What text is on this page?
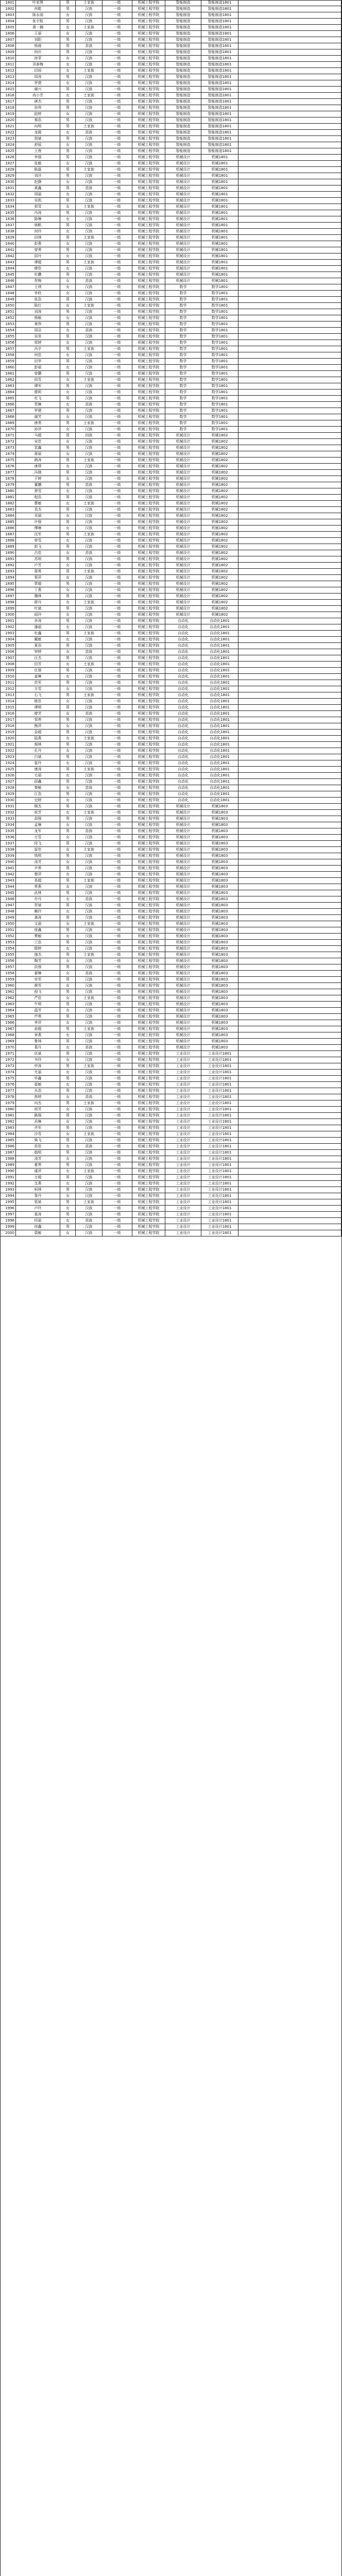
1801	叶家琪	男	土家族	一级	机械工程学院	智能制造	智能制造1801
1802	何乾	男	汉族	一级	机械工程学院	智能制造	智能制造1801
1803	陈永丽	女	汉族	一级	机械工程学院	智能制造	智能制造1801
1804	张宇航	男	汉族	一级	机械工程学院	智能制造	智能制造1801
1805	黄一楠	女	土家族	一级	机械工程学院	智能制造	智能制造1801
1806	王丽	女	汉族	一级	机械工程学院	智能制造	智能制造1801
1807	刘阳	男	汉族	一级	机械工程学院	智能制造	智能制造1801
1808	杨晨	男	苗族	一级	机械工程学院	智能制造	智能制造1801
1809	何庆	男	汉族	一级	机械工程学院	智能制造	智能制造1801
1810	徐菲	女	汉族	一级	机械工程学院	智能制造	智能制造1801
1811	邓春梅	女	汉族	一级	机械工程学院	智能制造	智能制造1801
1812	田雨	女	土家族	一级	机械工程学院	智能制造	智能制造1801
1813	周涛	男	汉族	一级	机械工程学院	智能制造	智能制造1801
1814	罗倩	女	汉族	一级	机械工程学院	智能制造	智能制造1801
1815	谢兴	男	汉族	一级	机械工程学院	智能制造	智能制造1801
1816	冉小芳	女	土家族	一级	机械工程学院	智能制造	智能制造1801
1817	唐杰	男	汉族	一级	机械工程学院	智能制造	智能制造1801
1818	孙伟	男	汉族	一级	机械工程学院	智能制造	智能制造1801
1819	陆婷	女	汉族	一级	机械工程学院	智能制造	智能制造1801
1820	秦浩	男	汉族	一级	机械工程学院	智能制造	智能制造1801
1821	向明	男	土家族	一级	机械工程学院	智能制造	智能制造1801
1822	龙霞	女	苗族	一级	机械工程学院	智能制造	智能制造1801
1823	胡斌	男	汉族	一级	机械工程学院	智能制造	智能制造1801
1824	舒瑶	女	汉族	一级	机械工程学院	智能制造	智能制造1801
1825	王俊	男	汉族	一级	机械工程学院	智能制造	智能制造1801
1826	李强	男	汉族	一级	机械工程学院	机械设计	机械1801
1827	张敏	女	汉族	一级	机械工程学院	机械设计	机械1801
1828	陈磊	男	土家族	一级	机械工程学院	机械设计	机械1801
1829	刘洋	男	汉族	一级	机械工程学院	机械设计	机械1801
1830	赵静	女	汉族	一级	机械工程学院	机械设计	机械1801
1831	黄鑫	男	苗族	一级	机械工程学院	机械设计	机械1801
1832	周丽	女	汉族	一级	机械工程学院	机械设计	机械1801
1833	吴凯	男	汉族	一级	机械工程学院	机械设计	机械1801
1834	郑雪	女	土家族	一级	机械工程学院	机械设计	机械1801
1835	冯涛	男	汉族	一级	机械工程学院	机械设计	机械1801
1836	陈琳	女	汉族	一级	机械工程学院	机械设计	机械1801
1837	杨帆	男	汉族	一级	机械工程学院	机械设计	机械1801
1838	何玲	女	汉族	一级	机械工程学院	机械设计	机械1801
1839	田林	男	土家族	一级	机械工程学院	机械设计	机械1801
1840	彭燕	女	汉族	一级	机械工程学院	机械设计	机械1801
1841	曾勇	男	汉族	一级	机械工程学院	机械设计	机械1801
1842	邱丹	女	汉族	一级	机械工程学院	机械设计	机械1801
1843	谭超	男	土家族	一级	机械工程学院	机械设计	机械1801
1844	廖佳	女	汉族	一级	机械工程学院	机械设计	机械1801
1845	杜鹏	男	汉族	一级	机械工程学院	机械设计	机械1801
1846	贺梅	女	苗族	一级	机械工程学院	机械设计	机械1801
1847	王琪	女	汉族	一级	机械工程学院	数学	数学1801
1848	李欣	女	汉族	一级	机械工程学院	数学	数学1801
1849	张浩	男	汉族	一级	机械工程学院	数学	数学1801
1850	陈红	女	土家族	一级	机械工程学院	数学	数学1801
1851	刘涛	男	汉族	一级	机械工程学院	数学	数学1801
1852	杨敏	女	汉族	一级	机械工程学院	数学	数学1801
1853	黄伟	男	汉族	一级	机械工程学院	数学	数学1801
1854	周洁	女	苗族	一级	机械工程学院	数学	数学1801
1855	吴昊	男	汉族	一级	机械工程学院	数学	数学1801
1856	郑婷	女	汉族	一级	机械工程学院	数学	数学1801
1857	冯宇	男	土家族	一级	机械工程学院	数学	数学1801
1858	何佳	女	汉族	一级	机械工程学院	数学	数学1801
1859	田华	男	汉族	一级	机械工程学院	数学	数学1801
1860	彭丽	女	汉族	一级	机械工程学院	数学	数学1801
1861	曾鹏	男	汉族	一级	机械工程学院	数学	数学1801
1862	邱雪	女	土家族	一级	机械工程学院	数学	数学1801
1863	谭军	男	汉族	一级	机械工程学院	数学	数学1801
1864	廖莉	女	汉族	一级	机械工程学院	数学	数学1801
1865	杜飞	男	汉族	一级	机械工程学院	数学	数学1801
1866	贺琳	女	苗族	一级	机械工程学院	数学	数学1801
1867	罗建	男	汉族	一级	机械工程学院	数学	数学1801
1868	谢芳	女	汉族	一级	机械工程学院	数学	数学1801
1869	唐勇	男	土家族	一级	机械工程学院	数学	数学1801
1870	孙萍	女	汉族	一级	机械工程学院	数学	数学1801
1871	马超	男	回族	一级	机械工程学院	机械设计	机械1802
1872	宋佳	女	汉族	一级	机械工程学院	机械设计	机械1802
1873	袁鑫	男	汉族	一级	机械工程学院	机械设计	机械1802
1874	蒋丽	女	汉族	一级	机械工程学院	机械设计	机械1802
1875	韩涛	男	土家族	一级	机械工程学院	机械设计	机械1802
1876	唐琪	女	汉族	一级	机械工程学院	机械设计	机械1802
1877	冯刚	男	汉族	一级	机械工程学院	机械设计	机械1802
1878	于婷	女	汉族	一级	机械工程学院	机械设计	机械1802
1879	董鹏	男	苗族	一级	机械工程学院	机械设计	机械1802
1880	萧雪	女	汉族	一级	机械工程学院	机械设计	机械1802
1881	程浩	男	汉族	一级	机械工程学院	机械设计	机械1802
1882	曹敏	女	土家族	一级	机械工程学院	机械设计	机械1802
1883	袁杰	男	汉族	一级	机械工程学院	机械设计	机械1802
1884	邓丽	女	汉族	一级	机械工程学院	机械设计	机械1802
1885	许强	男	汉族	一级	机械工程学院	机械设计	机械1802
1886	傅琳	女	汉族	一级	机械工程学院	机械设计	机械1802
1887	沈军	男	土家族	一级	机械工程学院	机械设计	机械1802
1888	曾雪	女	汉族	一级	机械工程学院	机械设计	机械1802
1889	彭飞	男	汉族	一级	机械工程学院	机械设计	机械1802
1890	吕佳	女	苗族	一级	机械工程学院	机械设计	机械1802
1891	苏明	男	汉族	一级	机械工程学院	机械设计	机械1802
1892	卢芳	女	汉族	一级	机械工程学院	机械设计	机械1802
1893	蒋勇	男	土家族	一级	机械工程学院	机械设计	机械1802
1894	蔡萍	女	汉族	一级	机械工程学院	机械设计	机械1802
1895	贾超	男	汉族	一级	机械工程学院	机械设计	机械1802
1896	丁燕	女	汉族	一级	机械工程学院	机械设计	机械1802
1897	魏林	男	汉族	一级	机械工程学院	机械设计	机械1802
1898	薛丹	女	土家族	一级	机械工程学院	机械设计	机械1802
1899	叶斌	男	汉族	一级	机械工程学院	机械设计	机械1802
1900	阎玲	女	汉族	一级	机械工程学院	机械设计	机械1802
1901	余涛	男	汉族	一级	机械工程学院	自动化	自动化1801
1902	潘丽	女	汉族	一级	机械工程学院	自动化	自动化1801
1903	杜鑫	男	土家族	一级	机械工程学院	自动化	自动化1801
1904	戴敏	女	汉族	一级	机械工程学院	自动化	自动化1801
1905	夏浩	男	汉族	一级	机械工程学院	自动化	自动化1801
1906	钟婷	女	苗族	一级	机械工程学院	自动化	自动化1801
1907	汪杰	男	汉族	一级	机械工程学院	自动化	自动化1801
1908	田芳	女	土家族	一级	机械工程学院	自动化	自动化1801
1909	任强	男	汉族	一级	机械工程学院	自动化	自动化1801
1910	姜琳	女	汉族	一级	机械工程学院	自动化	自动化1801
1911	范军	男	汉族	一级	机械工程学院	自动化	自动化1801
1912	方雪	女	汉族	一级	机械工程学院	自动化	自动化1801
1913	石飞	男	土家族	一级	机械工程学院	自动化	自动化1801
1914	姚佳	女	汉族	一级	机械工程学院	自动化	自动化1801
1915	谭明	男	汉族	一级	机械工程学院	自动化	自动化1801
1916	廖芳	女	苗族	一级	机械工程学院	自动化	自动化1801
1917	邹勇	男	汉族	一级	机械工程学院	自动化	自动化1801
1918	熊萍	女	汉族	一级	机械工程学院	自动化	自动化1801
1919	金超	男	汉族	一级	机械工程学院	自动化	自动化1801
1920	陆燕	女	土家族	一级	机械工程学院	自动化	自动化1801
1921	郝林	男	汉族	一级	机械工程学院	自动化	自动化1801
1922	孔丹	女	汉族	一级	机械工程学院	自动化	自动化1801
1923	白斌	男	汉族	一级	机械工程学院	自动化	自动化1801
1924	崔玲	女	汉族	一级	机械工程学院	自动化	自动化1801
1925	康涛	男	土家族	一级	机械工程学院	自动化	自动化1801
1926	毛丽	女	汉族	一级	机械工程学院	自动化	自动化1801
1927	邱鑫	男	汉族	一级	机械工程学院	自动化	自动化1801
1928	秦敏	女	苗族	一级	机械工程学院	自动化	自动化1801
1929	江浩	男	汉族	一级	机械工程学院	自动化	自动化1801
1930	史婷	女	汉族	一级	机械工程学院	自动化	自动化1801
1931	顾杰	男	汉族	一级	机械工程学院	机械设计	机械1803
1932	侯芳	女	土家族	一级	机械工程学院	机械设计	机械1803
1933	邵强	男	汉族	一级	机械工程学院	机械设计	机械1803
1934	孟琳	女	汉族	一级	机械工程学院	机械设计	机械1803
1935	龙军	男	苗族	一级	机械工程学院	机械设计	机械1803
1936	万雪	女	汉族	一级	机械工程学院	机械设计	机械1803
1937	段飞	男	汉族	一级	机械工程学院	机械设计	机械1803
1938	雷佳	女	土家族	一级	机械工程学院	机械设计	机械1803
1939	钱明	男	汉族	一级	机械工程学院	机械设计	机械1803
1940	汤芳	女	汉族	一级	机械工程学院	机械设计	机械1803
1941	尹勇	男	汉族	一级	机械工程学院	机械设计	机械1803
1942	黎萍	女	汉族	一级	机械工程学院	机械设计	机械1803
1943	易超	男	土家族	一级	机械工程学院	机械设计	机械1803
1944	常燕	女	汉族	一级	机械工程学院	机械设计	机械1803
1945	武林	男	汉族	一级	机械工程学院	机械设计	机械1803
1946	乔丹	女	苗族	一级	机械工程学院	机械设计	机械1803
1947	贺斌	男	汉族	一级	机械工程学院	机械设计	机械1803
1948	赖玲	女	汉族	一级	机械工程学院	机械设计	机械1803
1949	龚涛	男	汉族	一级	机械工程学院	机械设计	机械1803
1950	文丽	女	土家族	一级	机械工程学院	机械设计	机械1803
1951	庞鑫	男	汉族	一级	机械工程学院	机械设计	机械1803
1952	樊敏	女	汉族	一级	机械工程学院	机械设计	机械1803
1953	兰浩	男	汉族	一级	机械工程学院	机械设计	机械1803
1954	殷婷	女	汉族	一级	机械工程学院	机械设计	机械1803
1955	施杰	男	土家族	一级	机械工程学院	机械设计	机械1803
1956	陶芳	女	汉族	一级	机械工程学院	机械设计	机械1803
1957	洪强	男	汉族	一级	机械工程学院	机械设计	机械1803
1958	翟琳	女	苗族	一级	机械工程学院	机械设计	机械1803
1959	安军	男	汉族	一级	机械工程学院	机械设计	机械1803
1960	颜雪	女	汉族	一级	机械工程学院	机械设计	机械1803
1961	倪飞	男	汉族	一级	机械工程学院	机械设计	机械1803
1962	严佳	女	土家族	一级	机械工程学院	机械设计	机械1803
1963	牛明	男	汉族	一级	机械工程学院	机械设计	机械1803
1964	温芳	女	汉族	一级	机械工程学院	机械设计	机械1803
1965	芦勇	男	汉族	一级	机械工程学院	机械设计	机械1803
1966	季萍	女	汉族	一级	机械工程学院	机械设计	机械1803
1967	俞超	男	土家族	一级	机械工程学院	机械设计	机械1803
1968	章燕	女	汉族	一级	机械工程学院	机械设计	机械1803
1969	鲁林	男	汉族	一级	机械工程学院	机械设计	机械1803
1970	葛丹	女	苗族	一级	机械工程学院	机械设计	机械1803
1971	伍斌	男	汉族	一级	机械工程学院	工业设计	工业设计1801
1972	韦玲	女	汉族	一级	机械工程学院	工业设计	工业设计1801
1973	申涛	男	土家族	一级	机械工程学院	工业设计	工业设计1801
1974	尤丽	女	汉族	一级	机械工程学院	工业设计	工业设计1801
1975	毕鑫	男	汉族	一级	机械工程学院	工业设计	工业设计1801
1976	聂敏	女	汉族	一级	机械工程学院	工业设计	工业设计1801
1977	丛浩	男	汉族	一级	机械工程学院	工业设计	工业设计1801
1978	焦婷	女	苗族	一级	机械工程学院	工业设计	工业设计1801
1979	向杰	男	土家族	一级	机械工程学院	工业设计	工业设计1801
1980	邢芳	女	汉族	一级	机械工程学院	工业设计	工业设计1801
1981	路强	男	汉族	一级	机械工程学院	工业设计	工业设计1801
1982	岳琳	女	汉族	一级	机械工程学院	工业设计	工业设计1801
1983	齐军	男	汉族	一级	机械工程学院	工业设计	工业设计1801
1984	沙雪	女	土家族	一级	机械工程学院	工业设计	工业设计1801
1985	柴飞	男	汉族	一级	机械工程学院	工业设计	工业设计1801
1986	苗佳	女	苗族	一级	机械工程学院	工业设计	工业设计1801
1987	植明	男	汉族	一级	机械工程学院	工业设计	工业设计1801
1988	凌芳	女	汉族	一级	机械工程学院	工业设计	工业设计1801
1989	霍勇	男	汉族	一级	机械工程学院	工业设计	工业设计1801
1990	虞萍	女	土家族	一级	机械工程学院	工业设计	工业设计1801
1991	万超	男	汉族	一级	机械工程学院	工业设计	工业设计1801
1992	支燕	女	汉族	一级	机械工程学院	工业设计	工业设计1801
1993	柯林	男	汉族	一级	机械工程学院	工业设计	工业设计1801
1994	昝丹	女	汉族	一级	机械工程学院	工业设计	工业设计1801
1995	管斌	男	土家族	一级	机械工程学院	工业设计	工业设计1801
1996	卢玲	女	汉族	一级	机械工程学院	工业设计	工业设计1801
1997	莫涛	男	汉族	一级	机械工程学院	工业设计	工业设计1801
1998	经丽	女	苗族	一级	机械工程学院	工业设计	工业设计1801
1999	房鑫	男	汉族	一级	机械工程学院	工业设计	工业设计1801
2000	裘敏	女	汉族	一级	机械工程学院	工业设计	工业设计1801
